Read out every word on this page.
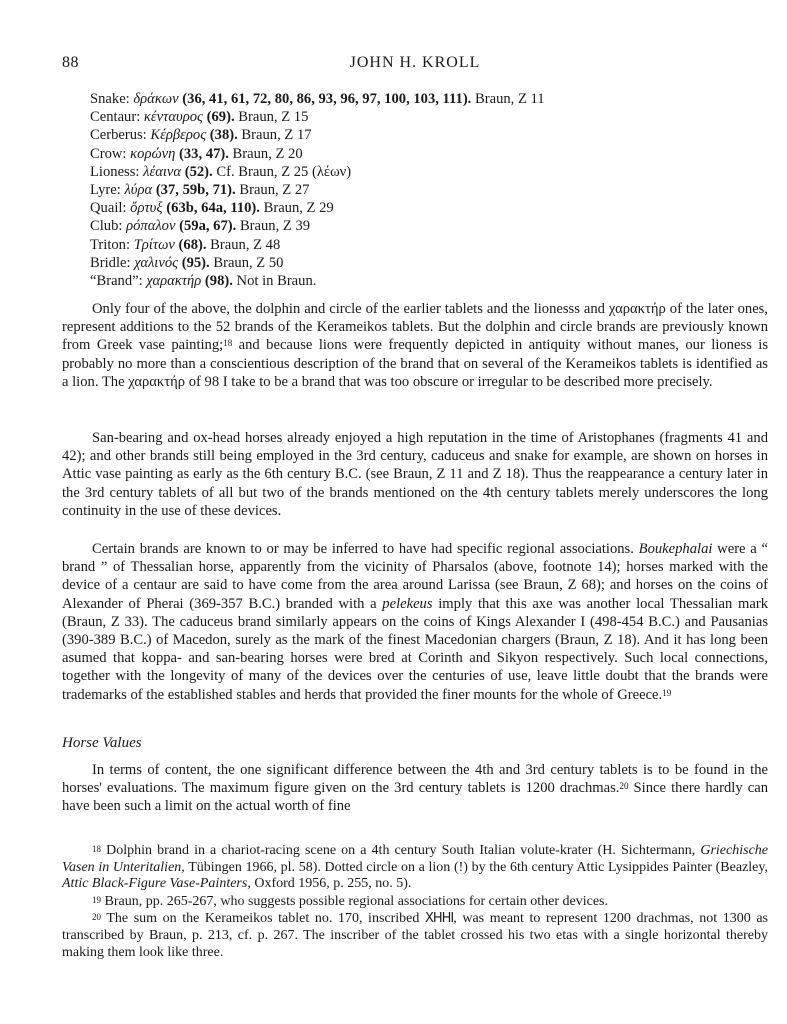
88	JOHN H. KROLL
Snake: δράκων (36, 41, 61, 72, 80, 86, 93, 96, 97, 100, 103, 111). Braun, Z 11
Centaur: κένταυρος (69). Braun, Z 15
Cerberus: Κέρβερος (38). Braun, Z 17
Crow: κορώνη (33, 47). Braun, Z 20
Lioness: λέαινα (52). Cf. Braun, Z 25 (λέων)
Lyre: λύρα (37, 59b, 71). Braun, Z 27
Quail: ὄρτυξ (63b, 64a, 110). Braun, Z 29
Club: ρόπαλον (59a, 67). Braun, Z 39
Triton: Τρίτων (68). Braun, Z 48
Bridle: χαλινός (95). Braun, Z 50
“Brand”: χαρακτήρ (98). Not in Braun.

Only four of the above, the dolphin and circle of the earlier tablets and the lionesss and χαρακτήρ of the later ones, represent additions to the 52 brands of the Kerameikos tablets. But the dolphin and circle brands are previously known from Greek vase painting;$^{18}$ and because lions were frequently depicted in antiquity without manes, our lioness is probably no more than a conscientious description of the brand that on several of the Kerameikos tablets is identified as a lion. The χαρακτήρ of 98 I take to be a brand that was too obscure or irregular to be described more precisely.

San-bearing and ox-head horses already enjoyed a high reputation in the time of Aristophanes (fragments 41 and 42); and other brands still being employed in the 3rd century, caduceus and snake for example, are shown on horses in Attic vase painting as early as the 6th century B.C. (see Braun, Z 11 and Z 18). Thus the reappearance a century later in the 3rd century tablets of all but two of the brands mentioned on the 4th century tablets merely underscores the long continuity in the use of these devices.

Certain brands are known to or may be inferred to have had specific regional associations. Boukephalai were a “ brand ” of Thessalian horse, apparently from the vicinity of Pharsalos (above, footnote 14); horses marked with the device of a centaur are said to have come from the area around Larissa (see Braun, Z 68); and horses on the coins of Alexander of Pherai (369-357 B.C.) branded with a pelekeus imply that this axe was another local Thessalian mark (Braun, Z 33). The caduceus brand similarly appears on the coins of Kings Alexander I (498-454 B.C.) and Pausanias (390-389 B.C.) of Macedon, surely as the mark of the finest Macedonian chargers (Braun, Z 18). And it has long been asumed that koppa- and san-bearing horses were bred at Corinth and Sikyon respectively. Such local connections, together with the longevity of many of the devices over the centuries of use, leave little doubt that the brands were trademarks of the established stables and herds that provided the finer mounts for the whole of Greece.$^{19}$

Horse Values

In terms of content, the one significant difference between the 4th and 3rd century tablets is to be found in the horses' evaluations. The maximum figure given on the 3rd century tablets is 1200 drachmas.$^{20}$ Since there hardly can have been such a limit on the actual worth of fine

$^{18}$ Dolphin brand in a chariot-racing scene on a 4th century South Italian volute-krater (H. Sichtermann, Griechische Vasen in Unteritalien, Tübingen 1966, pl. 58). Dotted circle on a lion (!) by the 6th century Attic Lysippides Painter (Beazley, Attic Black-Figure Vase-Painters, Oxford 1956, p. 255, no. 5).

$^{19}$ Braun, pp. 265-267, who suggests possible regional associations for certain other devices.

$^{20}$ The sum on the Kerameikos tablet no. 170, inscribed XHHI, was meant to represent 1200 drachmas, not 1300 as transcribed by Braun, p. 213, cf. p. 267. The inscriber of the tablet crossed his two etas with a single horizontal thereby making them look like three.
